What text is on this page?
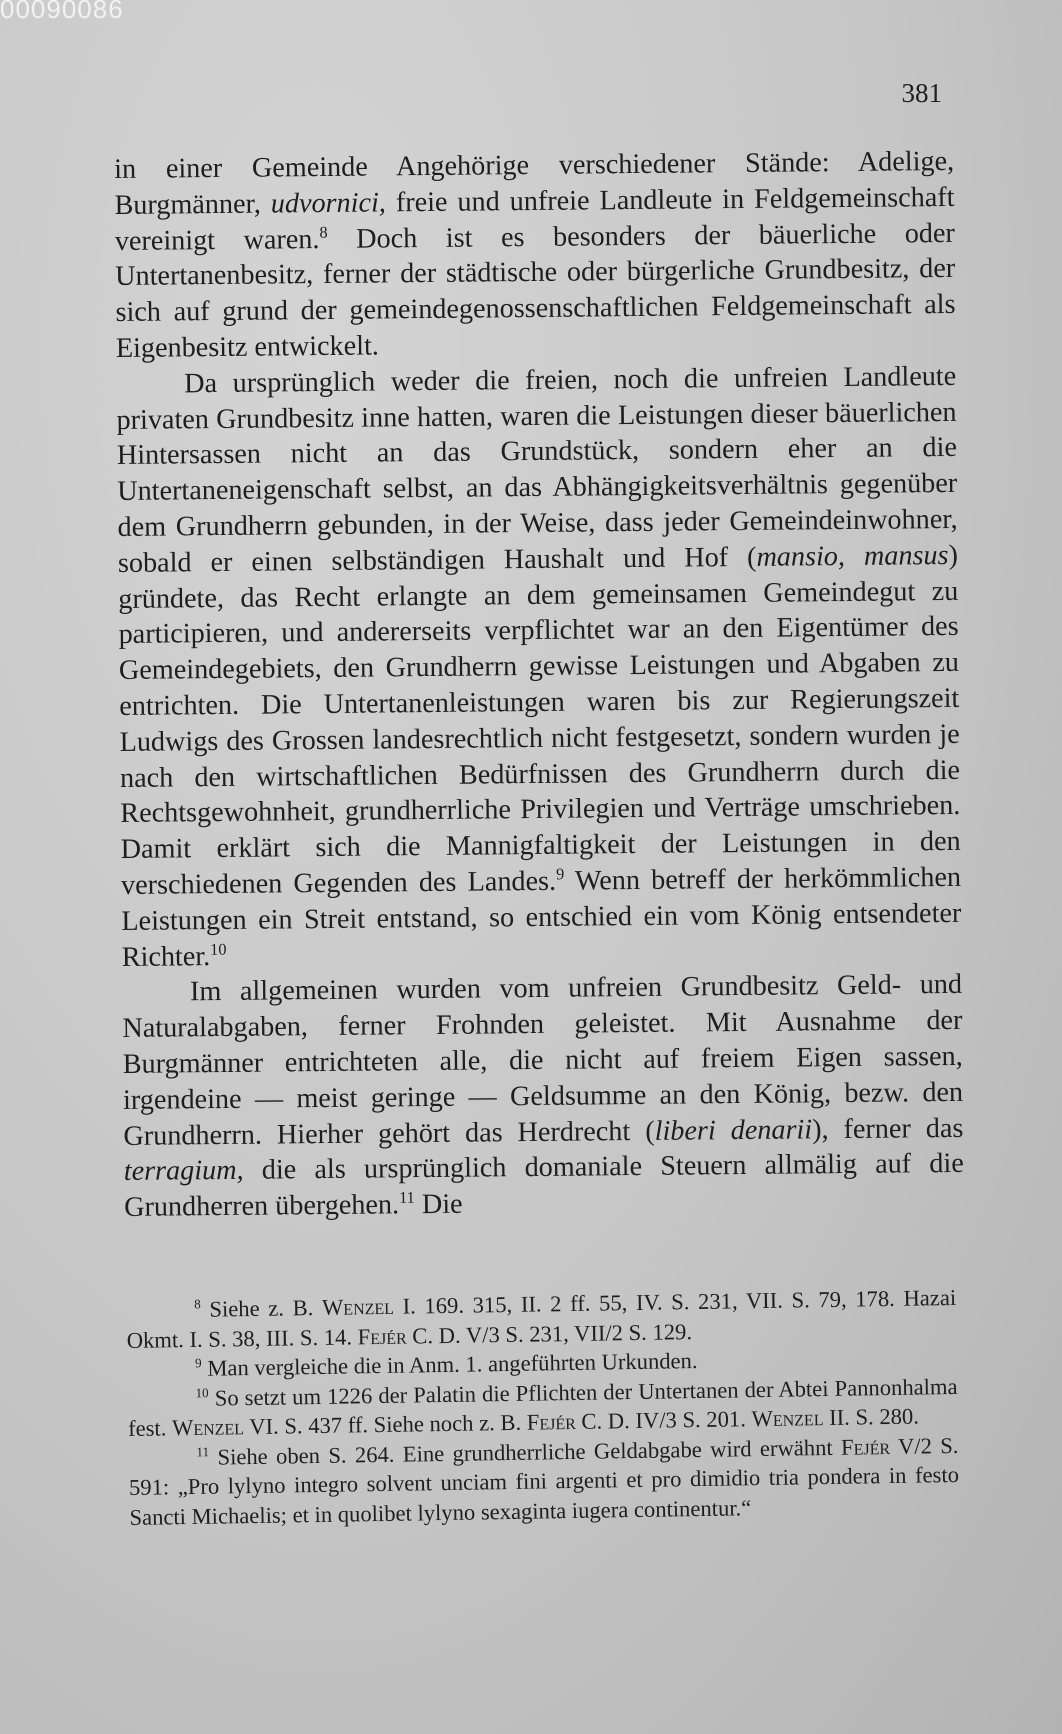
00090086
381

in einer Gemeinde Angehörige verschiedener Stände: Adelige, Burgmänner, udvornici, freie und unfreie Landleute in Feldgemeinschaft vereinigt waren.$^8$ Doch ist es besonders der bäuerliche oder Untertanenbesitz, ferner der städtische oder bürgerliche Grundbesitz, der sich auf grund der gemeindegenossenschaftlichen Feldgemeinschaft als Eigenbesitz entwickelt.

Da ursprünglich weder die freien, noch die unfreien Landleute privaten Grundbesitz inne hatten, waren die Leistungen dieser bäuerlichen Hintersassen nicht an das Grundstück, sondern eher an die Untertaneneigenschaft selbst, an das Abhängigkeitsverhältnis gegenüber dem Grundherrn gebunden, in der Weise, dass jeder Gemeindeinwohner, sobald er einen selbständigen Haushalt und Hof (mansio, mansus) gründete, das Recht erlangte an dem gemeinsamen Gemeindegut zu participieren, und andererseits verpflichtet war an den Eigentümer des Gemeindegebiets, den Grundherrn gewisse Leistungen und Abgaben zu entrichten. Die Untertanenleistungen waren bis zur Regierungszeit Ludwigs des Grossen landesrechtlich nicht festgesetzt, sondern wurden je nach den wirtschaftlichen Bedürfnissen des Grundherrn durch die Rechtsgewohnheit, grundherrliche Privilegien und Verträge umschrieben. Damit erklärt sich die Mannigfaltigkeit der Leistungen in den verschiedenen Gegenden des Landes.$^9$ Wenn betreff der herkömmlichen Leistungen ein Streit entstand, so entschied ein vom König entsendeter Richter.$^{10}$

Im allgemeinen wurden vom unfreien Grundbesitz Geld- und Naturalabgaben, ferner Frohnden geleistet. Mit Ausnahme der Burgmänner entrichteten alle, die nicht auf freiem Eigen sassen, irgendeine — meist geringe — Geldsumme an den König, bezw. den Grundherrn. Hierher gehört das Herdrecht (liberi denarii), ferner das terragium, die als ursprünglich domaniale Steuern allmälig auf die Grundherren übergehen.$^{11}$ Die

$^8$ Siehe z. B. Wenzel I. 169. 315, II. 2 ff. 55, IV. S. 231, VII. S. 79, 178. Hazai Okmt. I. S. 38, III. S. 14. Fejér C. D. V/3 S. 231, VII/2 S. 129.

$^9$ Man vergleiche die in Anm. 1. angeführten Urkunden.

$^{10}$ So setzt um 1226 der Palatin die Pflichten der Untertanen der Abtei Pannonhalma fest. Wenzel VI. S. 437 ff. Siehe noch z. B. Fejér C. D. IV/3 S. 201. Wenzel II. S. 280.

$^{11}$ Siehe oben S. 264. Eine grundherrliche Geldabgabe wird erwähnt Fejér V/2 S. 591: „Pro lylyno integro solvent unciam fini argenti et pro dimidio tria pondera in festo Sancti Michaelis; et in quolibet lylyno sexaginta iugera continentur.“
